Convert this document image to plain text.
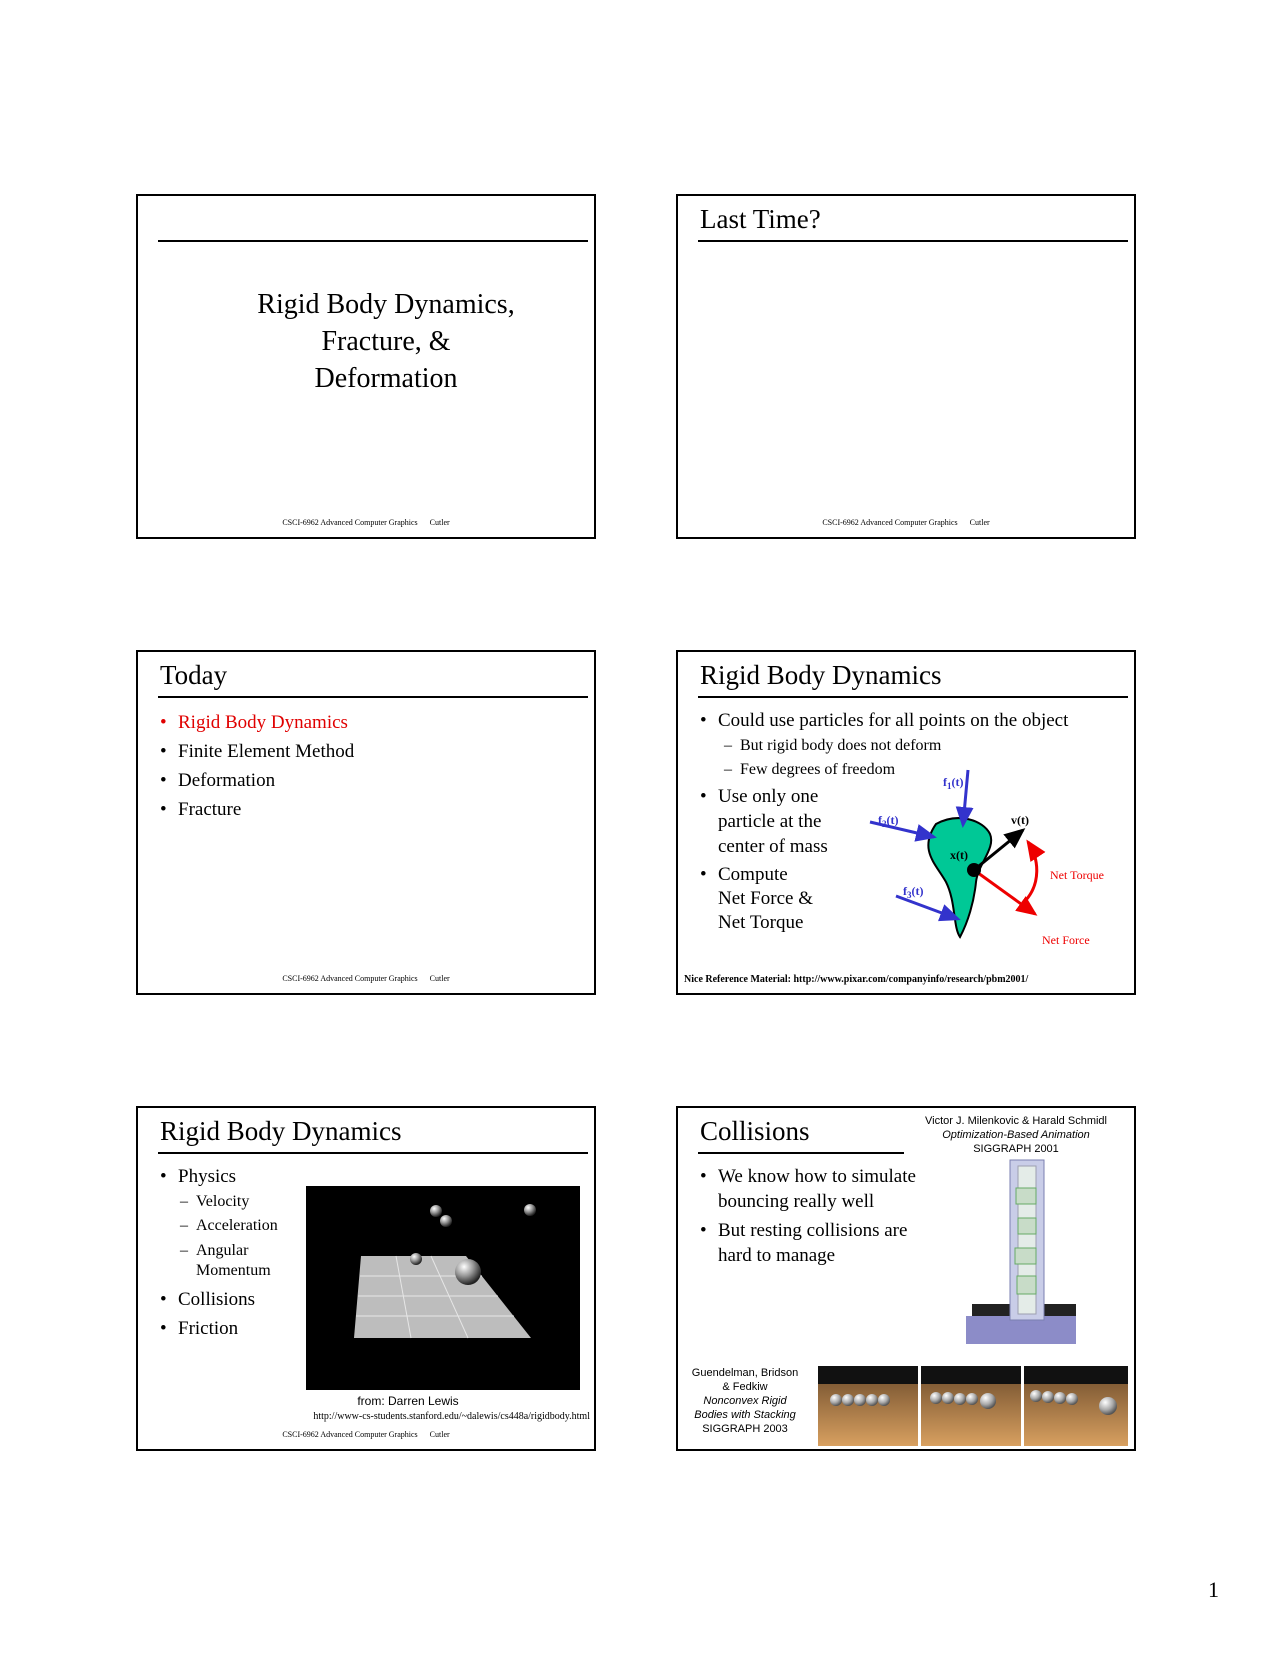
Rigid Body Dynamics,
Fracture, &
Deformation
CSCI-6962 Advanced Computer Graphics Cutler
Last Time?
CSCI-6962 Advanced Computer Graphics Cutler
Today
• Rigid Body Dynamics
• Finite Element Method
• Deformation
• Fracture
CSCI-6962 Advanced Computer Graphics Cutler
Rigid Body Dynamics
• Could use particles for all points on the object
– But rigid body does not deform
– Few degrees of freedom
• Use only one
particle at the
center of mass
• Compute
Net Force &
Net Torque
$f_1(t)$
$f_2(t)$
$f_3(t)$
x(t)
v(t)
Net Torque
Net Force
Nice Reference Material: http://www.pixar.com/companyinfo/research/pbm2001/
Rigid Body Dynamics
• Physics
– Velocity
– Acceleration
– Angular
Momentum
• Collisions
• Friction
from: Darren Lewis
http://www-cs-students.stanford.edu/~dalewis/cs448a/rigidbody.html
CSCI-6962 Advanced Computer Graphics Cutler
Collisions	Victor J. Milenkovic & Harald Schmidl
Optimization-Based Animation
SIGGRAPH 2001
• We know how to simulate
bouncing really well
• But resting collisions are
hard to manage
Guendelman, Bridson
& Fedkiw
Nonconvex Rigid
Bodies with Stacking
SIGGRAPH 2003
1
